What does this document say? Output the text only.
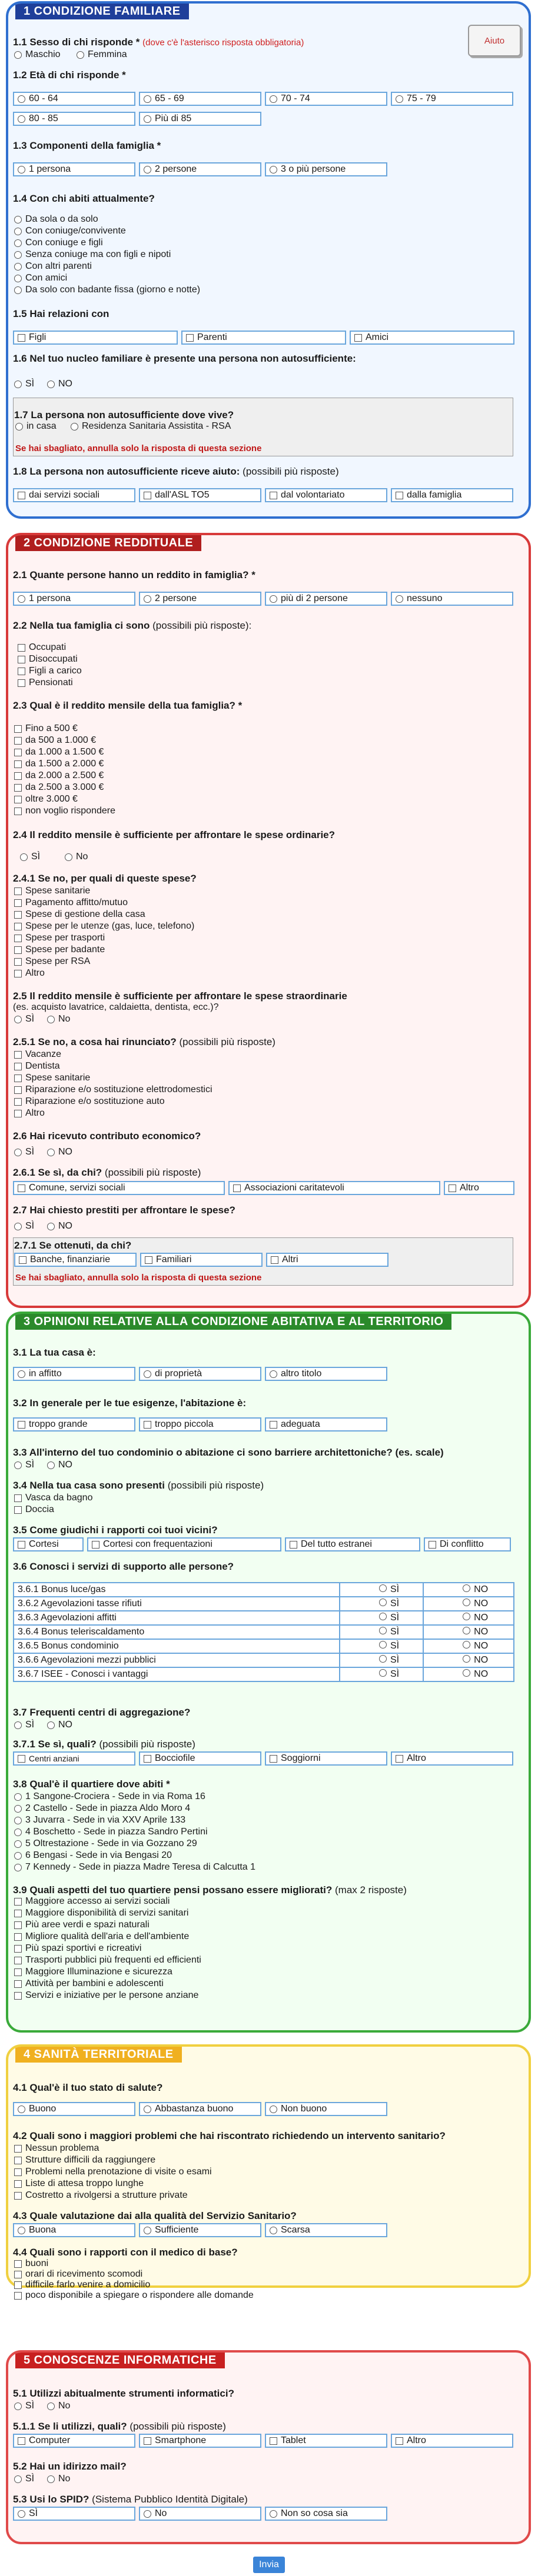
1 CONDIZIONE FAMILIARE
Aiuto
1.1 Sesso di chi risponde * (dove c'è l'asterisco risposta obbligatoria)
Maschio	Femmina
1.2 Età di chi risponde *
60 - 64	65 - 69	70 - 74	75 - 79
80 - 85	Più di 85
1.3 Componenti della famiglia *
1 persona	2 persone	3 o più persone
1.4 Con chi abiti attualmente?
Da sola o da solo
Con coniuge/convivente
Con coniuge e figli
Senza coniuge ma con figli e nipoti
Con altri parenti
Con amici
Da solo con badante fissa (giorno e notte)
1.5 Hai relazioni con
Figli	Parenti	Amici
1.6 Nel tuo nucleo familiare è presente una persona non autosufficiente:
SÌ	NO
1.7 La persona non autosufficiente dove vive?
in casa	Residenza Sanitaria Assistita - RSA
Se hai sbagliato, annulla solo la risposta di questa sezione
1.8 La persona non autosufficiente riceve aiuto: (possibili più risposte)
dai servizi sociali	dall'ASL TO5	dal volontariato	dalla famiglia
2 CONDIZIONE REDDITUALE
2.1 Quante persone hanno un reddito in famiglia? *
1 persona	2 persone	più di 2 persone	nessuno
2.2 Nella tua famiglia ci sono (possibili più risposte):
Occupati
Disoccupati
Figli a carico
Pensionati
2.3 Qual è il reddito mensile della tua famiglia? *
Fino a 500 €
da 500 a 1.000 €
da 1.000 a 1.500 €
da 1.500 a 2.000 €
da 2.000 a 2.500 €
da 2.500 a 3.000 €
oltre 3.000 €
non voglio rispondere
2.4 Il reddito mensile è sufficiente per affrontare le spese ordinarie?
SÌ	No
2.4.1 Se no, per quali di queste spese?
Spese sanitarie
Pagamento affitto/mutuo
Spese di gestione della casa
Spese per le utenze (gas, luce, telefono)
Spese per trasporti
Spese per badante
Spese per RSA
Altro
2.5 Il reddito mensile è sufficiente per affrontare le spese straordinarie
(es. acquisto lavatrice, caldaietta, dentista, ecc.)?
SÌ	No
2.5.1 Se no, a cosa hai rinunciato? (possibili più risposte)
Vacanze
Dentista
Spese sanitarie
Riparazione e/o sostituzione elettrodomestici
Riparazione e/o sostituzione auto
Altro
2.6 Hai ricevuto contributo economico?
SÌ	NO
2.6.1 Se sì, da chi? (possibili più risposte)
Comune, servizi sociali	Associazioni caritatevoli	Altro
2.7 Hai chiesto prestiti per affrontare le spese?
SÌ	NO
2.7.1 Se ottenuti, da chi?
Banche, finanziarie	Familiari	Altri
Se hai sbagliato, annulla solo la risposta di questa sezione
3 OPINIONI RELATIVE ALLA CONDIZIONE ABITATIVA E AL TERRITORIO
3.1 La tua casa è:
in affitto	di proprietà	altro titolo
3.2 In generale per le tue esigenze, l'abitazione è:
troppo grande	troppo piccola	adeguata
3.3 All'interno del tuo condominio o abitazione ci sono barriere architettoniche? (es. scale)
SÌ	NO
3.4 Nella tua casa sono presenti (possibili più risposte)
Vasca da bagno
Doccia
3.5 Come giudichi i rapporti coi tuoi vicini?
Cortesi	Cortesi con frequentazioni	Del tutto estranei	Di conflitto
3.6 Conosci i servizi di supporto alle persone?
3.6.1 Bonus luce/gas	SÌ	NO
3.6.2 Agevolazioni tasse rifiuti	SÌ	NO
3.6.3 Agevolazioni affitti	SÌ	NO
3.6.4 Bonus teleriscaldamento	SÌ	NO
3.6.5 Bonus condominio	SÌ	NO
3.6.6 Agevolazioni mezzi pubblici	SÌ	NO
3.6.7 ISEE - Conosci i vantaggi	SÌ	NO
3.7 Frequenti centri di aggregazione?
SÌ	NO
3.7.1 Se sì, quali? (possibili più risposte)
Centri anziani	Bocciofile	Soggiorni	Altro
3.8 Qual'è il quartiere dove abiti *
1 Sangone-Crociera - Sede in via Roma 16
2 Castello - Sede in piazza Aldo Moro 4
3 Juvarra - Sede in via XXV Aprile 133
4 Boschetto - Sede in piazza Sandro Pertini
5 Oltrestazione - Sede in via Gozzano 29
6 Bengasi - Sede in via Bengasi 20
7 Kennedy - Sede in piazza Madre Teresa di Calcutta 1
3.9 Quali aspetti del tuo quartiere pensi possano essere migliorati? (max 2 risposte)
Maggiore accesso ai servizi sociali
Maggiore disponibilità di servizi sanitari
Più aree verdi e spazi naturali
Migliore qualità dell'aria e dell'ambiente
Più spazi sportivi e ricreativi
Trasporti pubblici più frequenti ed efficienti
Maggiore Illuminazione e sicurezza
Attività per bambini e adolescenti
Servizi e iniziative per le persone anziane
4 SANITÀ TERRITORIALE
4.1 Qual'è il tuo stato di salute?
Buono	Abbastanza buono	Non buono
4.2 Quali sono i maggiori problemi che hai riscontrato richiedendo un intervento sanitario?
Nessun problema
Strutture difficili da raggiungere
Problemi nella prenotazione di visite o esami
Liste di attesa troppo lunghe
Costretto a rivolgersi a strutture private
4.3 Quale valutazione dai alla qualità del Servizio Sanitario?
Buona	Sufficiente	Scarsa
4.4 Quali sono i rapporti con il medico di base?
buoni
orari di ricevimento scomodi
difficile farlo venire a domicilio
poco disponibile a spiegare o rispondere alle domande
5 CONOSCENZE INFORMATICHE
5.1 Utilizzi abitualmente strumenti informatici?
SÌ	No
5.1.1 Se li utilizzi, quali? (possibili più risposte)
Computer	Smartphone	Tablet	Altro
5.2 Hai un idirizzo mail?
SÌ	No
5.3 Usi lo SPID? (Sistema Pubblico Identità Digitale)
SÌ	No	Non so cosa sia
Invia
